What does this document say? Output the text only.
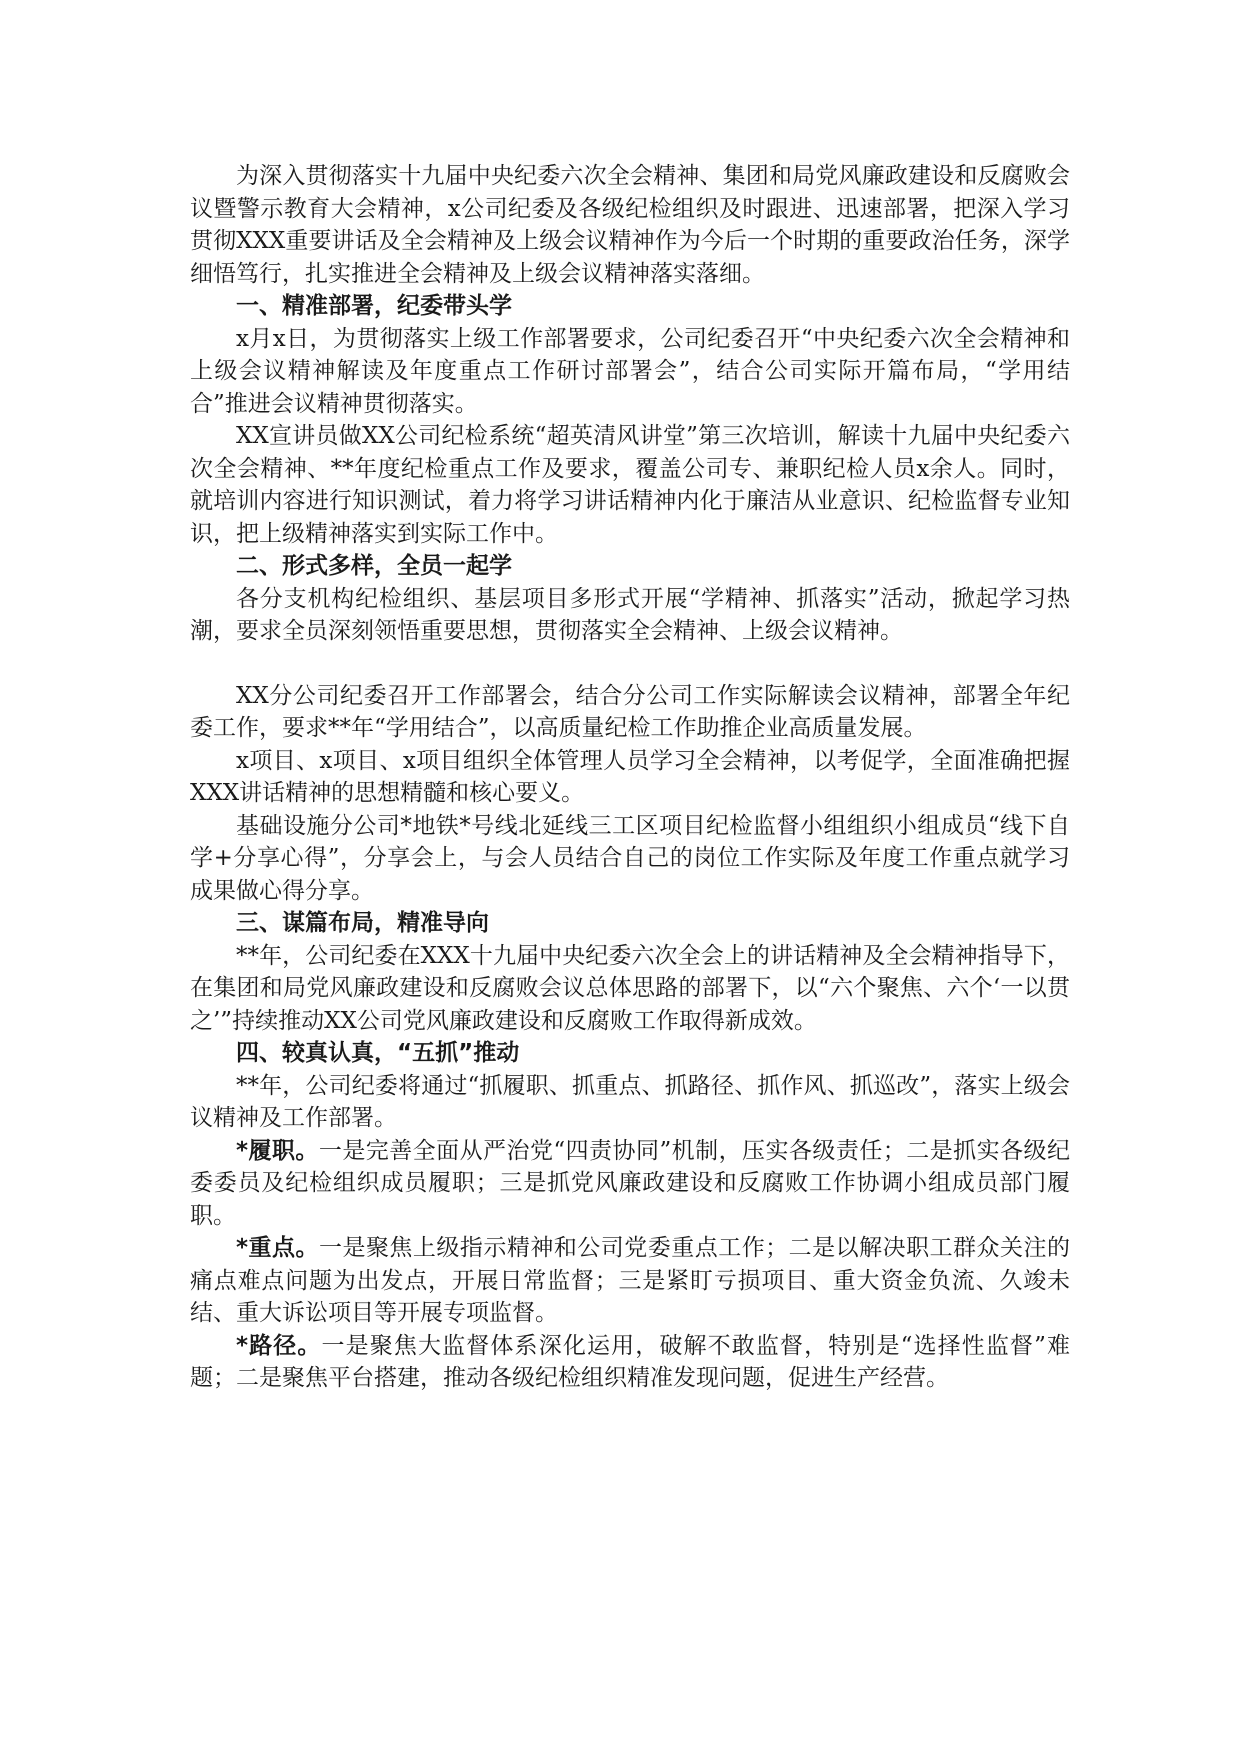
为深入贯彻落实十九届中央纪委六次全会精神、集团和局党风廉政建设和反腐败会议暨警示教育大会精神，x公司纪委及各级纪检组织及时跟进、迅速部署，把深入学习贯彻XXX重要讲话及全会精神及上级会议精神作为今后一个时期的重要政治任务，深学细悟笃行，扎实推进全会精神及上级会议精神落实落细。

一、精准部署，纪委带头学

x月x日，为贯彻落实上级工作部署要求，公司纪委召开“中央纪委六次全会精神和上级会议精神解读及年度重点工作研讨部署会”，结合公司实际开篇布局，“学用结合”推进会议精神贯彻落实。

XX宣讲员做XX公司纪检系统“超英清风讲堂”第三次培训，解读十九届中央纪委六次全会精神、**年度纪检重点工作及要求，覆盖公司专、兼职纪检人员x余人。同时，就培训内容进行知识测试，着力将学习讲话精神内化于廉洁从业意识、纪检监督专业知识，把上级精神落实到实际工作中。

二、形式多样，全员一起学

各分支机构纪检组织、基层项目多形式开展“学精神、抓落实”活动，掀起学习热潮，要求全员深刻领悟重要思想，贯彻落实全会精神、上级会议精神。

XX分公司纪委召开工作部署会，结合分公司工作实际解读会议精神，部署全年纪委工作，要求**年“学用结合”，以高质量纪检工作助推企业高质量发展。

x项目、x项目、x项目组织全体管理人员学习全会精神，以考促学，全面准确把握XXX讲话精神的思想精髓和核心要义。

基础设施分公司*地铁*号线北延线三工区项目纪检监督小组组织小组成员“线下自学+分享心得”，分享会上，与会人员结合自己的岗位工作实际及年度工作重点就学习成果做心得分享。

三、谋篇布局，精准导向

**年，公司纪委在XXX十九届中央纪委六次全会上的讲话精神及全会精神指导下，在集团和局党风廉政建设和反腐败会议总体思路的部署下，以“六个聚焦、六个‘一以贯之’”持续推动XX公司党风廉政建设和反腐败工作取得新成效。

四、较真认真，“五抓”推动

**年，公司纪委将通过“抓履职、抓重点、抓路径、抓作风、抓巡改”，落实上级会议精神及工作部署。

*履职。一是完善全面从严治党“四责协同”机制，压实各级责任；二是抓实各级纪委委员及纪检组织成员履职；三是抓党风廉政建设和反腐败工作协调小组成员部门履职。

*重点。一是聚焦上级指示精神和公司党委重点工作；二是以解决职工群众关注的痛点难点问题为出发点，开展日常监督；三是紧盯亏损项目、重大资金负流、久竣未结、重大诉讼项目等开展专项监督。

*路径。一是聚焦大监督体系深化运用，破解不敢监督，特别是“选择性监督”难题；二是聚焦平台搭建，推动各级纪检组织精准发现问题，促进生产经营。
